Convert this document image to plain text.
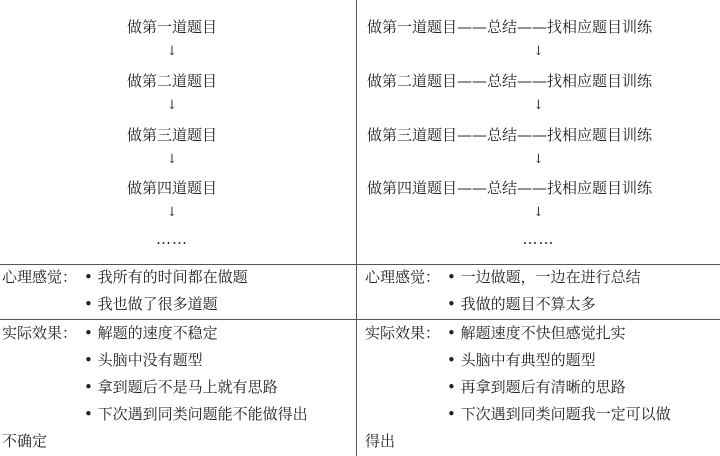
做第一道题目
↓
做第二道题目
↓
做第三道题目
↓
做第四道题目
↓
……
心理感觉： • 我所有的时间都在做题
• 我也做了很多道题
实际效果： • 解题的速度不稳定
• 头脑中没有题型
• 拿到题后不是马上就有思路
• 下次遇到同类问题能不能做得出
不确定
做第一道题目——总结——找相应题目训练
↓
做第二道题目——总结——找相应题目训练
↓
做第三道题目——总结——找相应题目训练
↓
做第四道题目——总结——找相应题目训练
↓
……
心理感觉： • 一边做题，一边在进行总结
• 我做的题目不算太多
实际效果： • 解题速度不快但感觉扎实
• 头脑中有典型的题型
• 再拿到题后有清晰的思路
• 下次遇到同类问题我一定可以做
得出
